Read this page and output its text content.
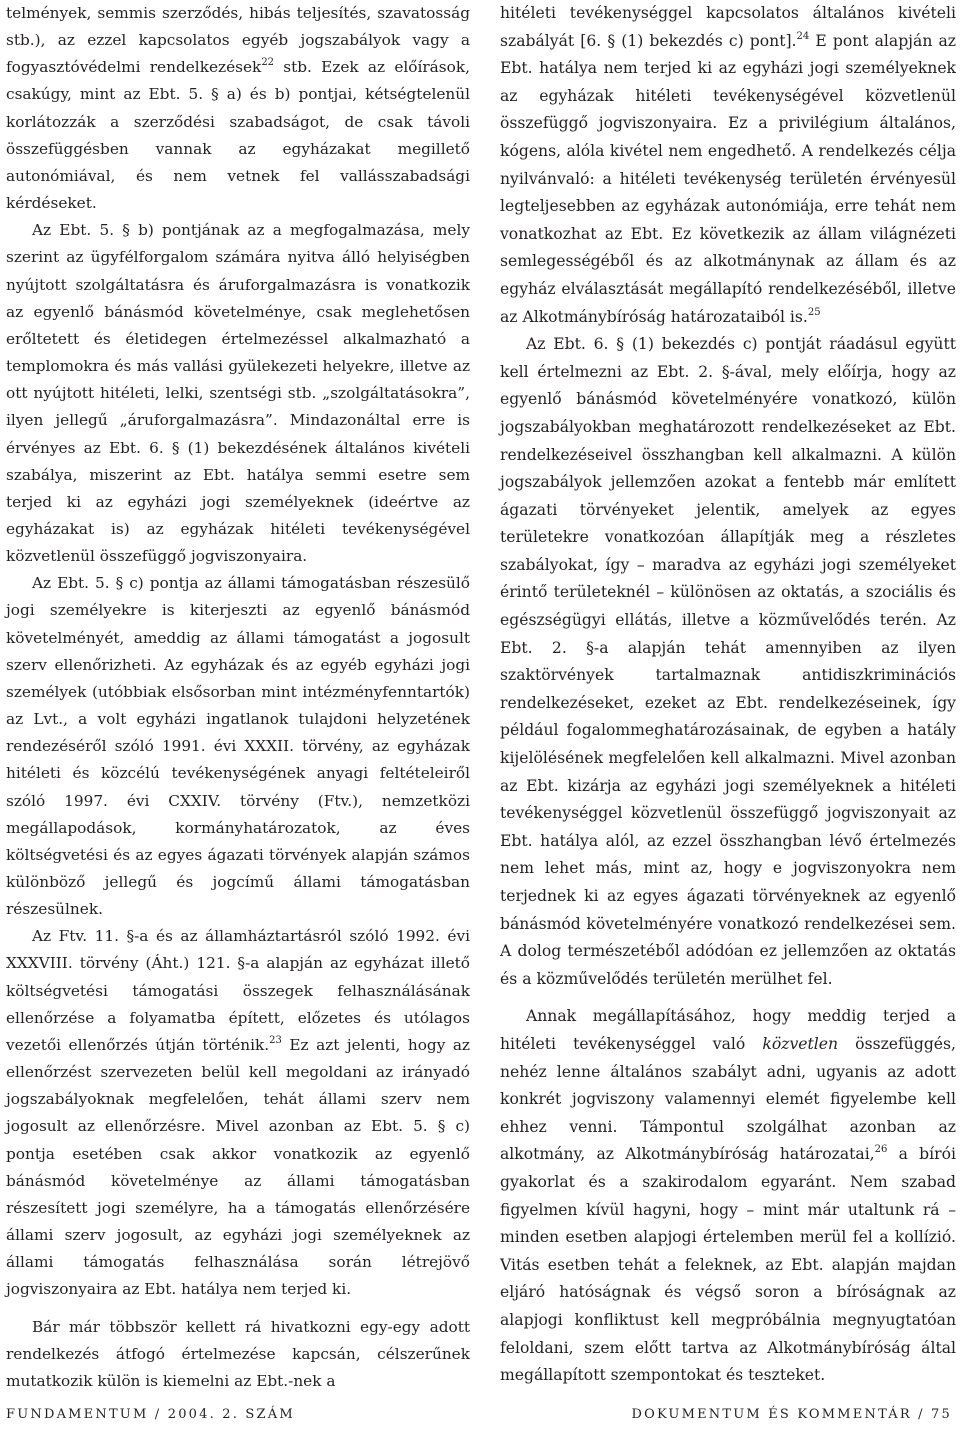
telmények, semmis szerződés, hibás teljesítés, szavatosság stb.), az ezzel kapcsolatos egyéb jogszabályok vagy a fogyasztóvédelmi rendelkezések$^{22}$ stb. Ezek az előírások, csakúgy, mint az Ebt. 5. § a) és b) pontjai, kétségtelenül korlátozzák a szerződési szabadságot, de csak távoli összefüggésben vannak az egyházakat megillető autonómiával, és nem vetnek fel vallásszabadsági kérdéseket.

Az Ebt. 5. § b) pontjának az a megfogalmazása, mely szerint az ügyfélforgalom számára nyitva álló helyiségben nyújtott szolgáltatásra és áruforgalmazásra is vonatkozik az egyenlő bánásmód követelménye, csak meglehetősen erőltetett és életidegen értelmezéssel alkalmazható a templomokra és más vallási gyülekezeti helyekre, illetve az ott nyújtott hitéleti, lelki, szentségi stb. „szolgáltatásokra”, ilyen jellegű „áruforgalmazásra”. Mindazonáltal erre is érvényes az Ebt. 6. § (1) bekezdésének általános kivételi szabálya, miszerint az Ebt. hatálya semmi esetre sem terjed ki az egyházi jogi személyeknek (ideértve az egyházakat is) az egyházak hitéleti tevékenységével közvetlenül összefüggő jogviszonyaira.

Az Ebt. 5. § c) pontja az állami támogatásban részesülő jogi személyekre is kiterjeszti az egyenlő bánásmód követelményét, ameddig az állami támogatást a jogosult szerv ellenőrizheti. Az egyházak és az egyéb egyházi jogi személyek (utóbbiak elsősorban mint intézményfenntartók) az Lvt., a volt egyházi ingatlanok tulajdoni helyzetének rendezéséről szóló 1991. évi XXXII. törvény, az egyházak hitéleti és közcélú tevékenységének anyagi feltételeiről szóló 1997. évi CXXIV. törvény (Ftv.), nemzetközi megállapodások, kormányhatározatok, az éves költségvetési és az egyes ágazati törvények alapján számos különböző jellegű és jogcímű állami támogatásban részesülnek.

Az Ftv. 11. §-a és az államháztartásról szóló 1992. évi XXXVIII. törvény (Áht.) 121. §-a alapján az egyházat illető költségvetési támogatási összegek felhasználásának ellenőrzése a folyamatba épített, előzetes és utólagos vezetői ellenőrzés útján történik.$^{23}$ Ez azt jelenti, hogy az ellenőrzést szervezeten belül kell megoldani az irányadó jogszabályoknak megfelelően, tehát állami szerv nem jogosult az ellenőrzésre. Mivel azonban az Ebt. 5. § c) pontja esetében csak akkor vonatkozik az egyenlő bánásmód követelménye az állami támogatásban részesített jogi személyre, ha a támogatás ellenőrzésére állami szerv jogosult, az egyházi jogi személyeknek az állami támogatás felhasználása során létrejövő jogviszonyaira az Ebt. hatálya nem terjed ki.

Bár már többször kellett rá hivatkozni egy-egy adott rendelkezés átfogó értelmezése kapcsán, célszerűnek mutatkozik külön is kiemelni az Ebt.-nek a

hitéleti tevékenységgel kapcsolatos általános kivételi szabályát [6. § (1) bekezdés c) pont].$^{24}$ E pont alapján az Ebt. hatálya nem terjed ki az egyházi jogi személyeknek az egyházak hitéleti tevékenységével közvetlenül összefüggő jogviszonyaira. Ez a privilégium általános, kógens, alóla kivétel nem engedhető. A rendelkezés célja nyilvánvaló: a hitéleti tevékenység területén érvényesül legteljesebben az egyházak autonómiája, erre tehát nem vonatkozhat az Ebt. Ez következik az állam világnézeti semlegességéből és az alkotmánynak az állam és az egyház elválasztását megállapító rendelkezéséből, illetve az Alkotmánybíróság határozataiból is.$^{25}$

Az Ebt. 6. § (1) bekezdés c) pontját ráadásul együtt kell értelmezni az Ebt. 2. §-ával, mely előírja, hogy az egyenlő bánásmód követelményére vonatkozó, külön jogszabályokban meghatározott rendelkezéseket az Ebt. rendelkezéseivel összhangban kell alkalmazni. A külön jogszabályok jellemzően azokat a fentebb már említett ágazati törvényeket jelentik, amelyek az egyes területekre vonatkozóan állapítják meg a részletes szabályokat, így – maradva az egyházi jogi személyeket érintő területeknél – különösen az oktatás, a szociális és egészségügyi ellátás, illetve a közművelődés terén. Az Ebt. 2. §-a alapján tehát amennyiben az ilyen szaktörvények tartalmaznak antidiszkriminációs rendelkezéseket, ezeket az Ebt. rendelkezéseinek, így például fogalommeghatározásainak, de egyben a hatály kijelölésének megfelelően kell alkalmazni. Mivel azonban az Ebt. kizárja az egyházi jogi személyeknek a hitéleti tevékenységgel közvetlenül összefüggő jogviszonyait az Ebt. hatálya alól, az ezzel összhangban lévő értelmezés nem lehet más, mint az, hogy e jogviszonyokra nem terjednek ki az egyes ágazati törvényeknek az egyenlő bánásmód követelményére vonatkozó rendelkezései sem. A dolog természetéből adódóan ez jellemzően az oktatás és a közművelődés területén merülhet fel.

Annak megállapításához, hogy meddig terjed a hitéleti tevékenységgel való közvetlen összefüggés, nehéz lenne általános szabályt adni, ugyanis az adott konkrét jogviszony valamennyi elemét figyelembe kell ehhez venni. Támpontul szolgálhat azonban az alkotmány, az Alkotmánybíróság határozatai,$^{26}$ a bírói gyakorlat és a szakirodalom egyaránt. Nem szabad figyelmen kívül hagyni, hogy – mint már utaltunk rá – minden esetben alapjogi értelemben merül fel a kollízió. Vitás esetben tehát a feleknek, az Ebt. alapján majdan eljáró hatóságnak és végső soron a bíróságnak az alapjogi konfliktust kell megpróbálnia megnyugtatóan feloldani, szem előtt tartva az Alkotmánybíróság által megállapított szempontokat és teszteket.

FUNDAMENTUM / 2004. 2. SZÁM	DOKUMENTUM ÉS KOMMENTÁR / 75
